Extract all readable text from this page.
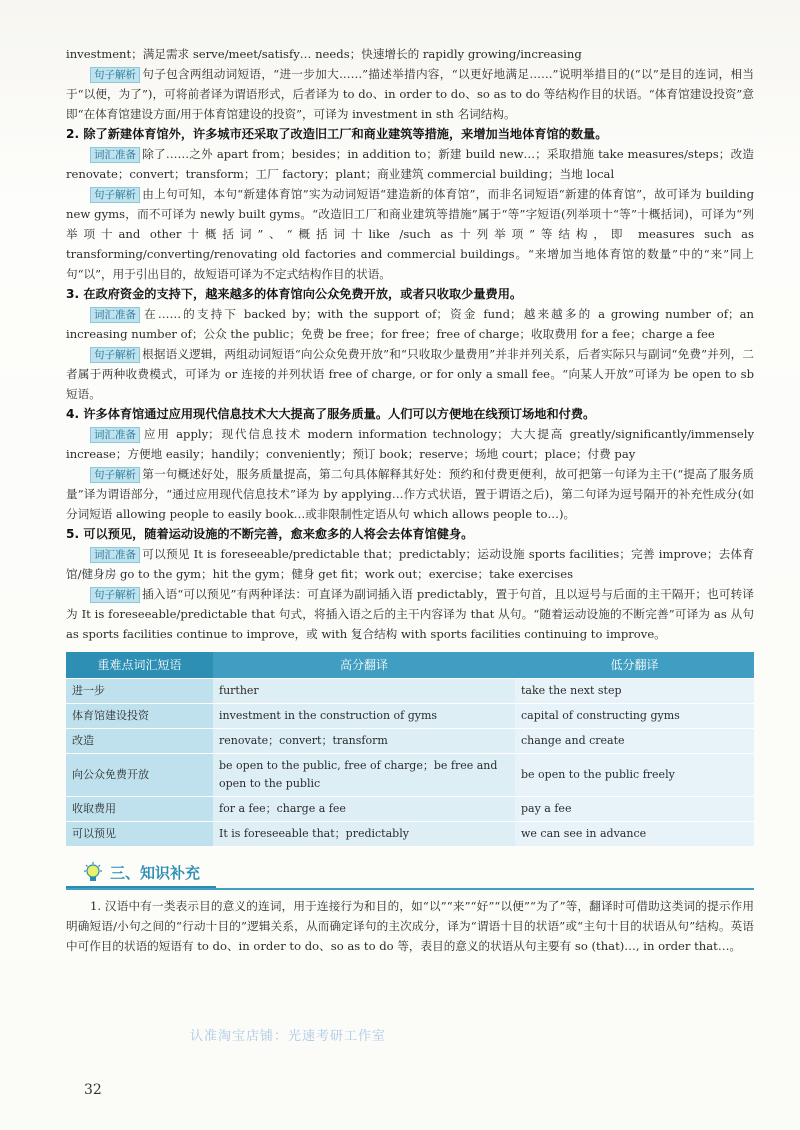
investment；满足需求 serve/meet/satisfy… needs；快速增长的 rapidly growing/increasing

句子解析 句子包含两组动词短语，“进一步加大……”描述举措内容，“以更好地满足……”说明举措目的(“以”是目的连词，相当于“以便，为了”)，可将前者译为谓语形式，后者译为 to do、in order to do、so as to do 等结构作目的状语。“体育馆建设投资”意即“在体育馆建设方面/用于体育馆建设的投资”，可译为 investment in sth 名词结构。

2. 除了新建体育馆外，许多城市还采取了改造旧工厂和商业建筑等措施，来增加当地体育馆的数量。

词汇准备 除了……之外 apart from；besides；in addition to；新建 build new…；采取措施 take measures/steps；改造 renovate；convert；transform；工厂 factory；plant；商业建筑 commercial building；当地 local

句子解析 由上句可知，本句“新建体育馆”实为动词短语“建造新的体育馆”，而非名词短语“新建的体育馆”，故可译为 building new gyms，而不可译为 newly built gyms。“改造旧工厂和商业建筑等措施”属于“等”字短语(列举项十“等”十概括词)，可译为“列举项十and other十概括词”、“概括词十like /such as十列举项”等结构，即 measures such as transforming/converting/renovating old factories and commercial buildings。“来增加当地体育馆的数量”中的“来”同上句“以”，用于引出目的，故短语可译为不定式结构作目的状语。

3. 在政府资金的支持下，越来越多的体育馆向公众免费开放，或者只收取少量费用。

词汇准备 在……的支持下 backed by；with the support of；资金 fund；越来越多的 a growing number of；an increasing number of；公众 the public；免费 be free；for free；free of charge；收取费用 for a fee；charge a fee

句子解析 根据语义逻辑，两组动词短语“向公众免费开放”和“只收取少量费用”并非并列关系，后者实际只与副词“免费”并列，二者属于两种收费模式，可译为 or 连接的并列状语 free of charge, or for only a small fee。“向某人开放”可译为 be open to sb 短语。

4. 许多体育馆通过应用现代信息技术大大提高了服务质量。人们可以方便地在线预订场地和付费。

词汇准备 应用 apply；现代信息技术 modern information technology；大大提高 greatly/significantly/immensely increase；方便地 easily；handily；conveniently；预订 book；reserve；场地 court；place；付费 pay

句子解析 第一句概述好处，服务质量提高，第二句具体解释其好处：预约和付费更便利，故可把第一句译为主干(“提高了服务质量”译为谓语部分，“通过应用现代信息技术”译为 by applying…作方式状语，置于谓语之后)，第二句译为逗号隔开的补充性成分(如分词短语 allowing people to easily book…或非限制性定语从句 which allows people to…)。

5. 可以预见，随着运动设施的不断完善，愈来愈多的人将会去体育馆健身。

词汇准备 可以预见 It is foreseeable/predictable that；predictably；运动设施 sports facilities；完善 improve；去体育馆/健身房 go to the gym；hit the gym；健身 get fit；work out；exercise；take exercises

句子解析 插入语“可以预见”有两种译法：可直译为副词插入语 predictably，置于句首，且以逗号与后面的主干隔开；也可转译为 It is foreseeable/predictable that 句式，将插入语之后的主干内容译为 that 从句。“随着运动设施的不断完善”可译为 as 从句 as sports facilities continue to improve，或 with 复合结构 with sports facilities continuing to improve。

重难点词汇短语	高分翻译	低分翻译
进一步	further	take the next step
体育馆建设投资	investment in the construction of gyms	capital of constructing gyms
改造	renovate；convert；transform	change and create
向公众免费开放	be open to the public, free of charge；be free and open to the public	be open to the public freely
收取费用	for a fee；charge a fee	pay a fee
可以预见	It is foreseeable that；predictably	we can see in advance
三、知识补充

1. 汉语中有一类表示目的意义的连词，用于连接行为和目的，如“以”“来”“好”“以便”“为了”等，翻译时可借助这类词的提示作用明确短语/小句之间的“行动十目的”逻辑关系，从而确定译句的主次成分，译为“谓语十目的状语”或“主句十目的状语从句”结构。英语中可作目的状语的短语有 to do、in order to do、so as to do 等，表目的意义的状语从句主要有 so (that)…, in order that…。

认准淘宝店铺：光速考研工作室
32
